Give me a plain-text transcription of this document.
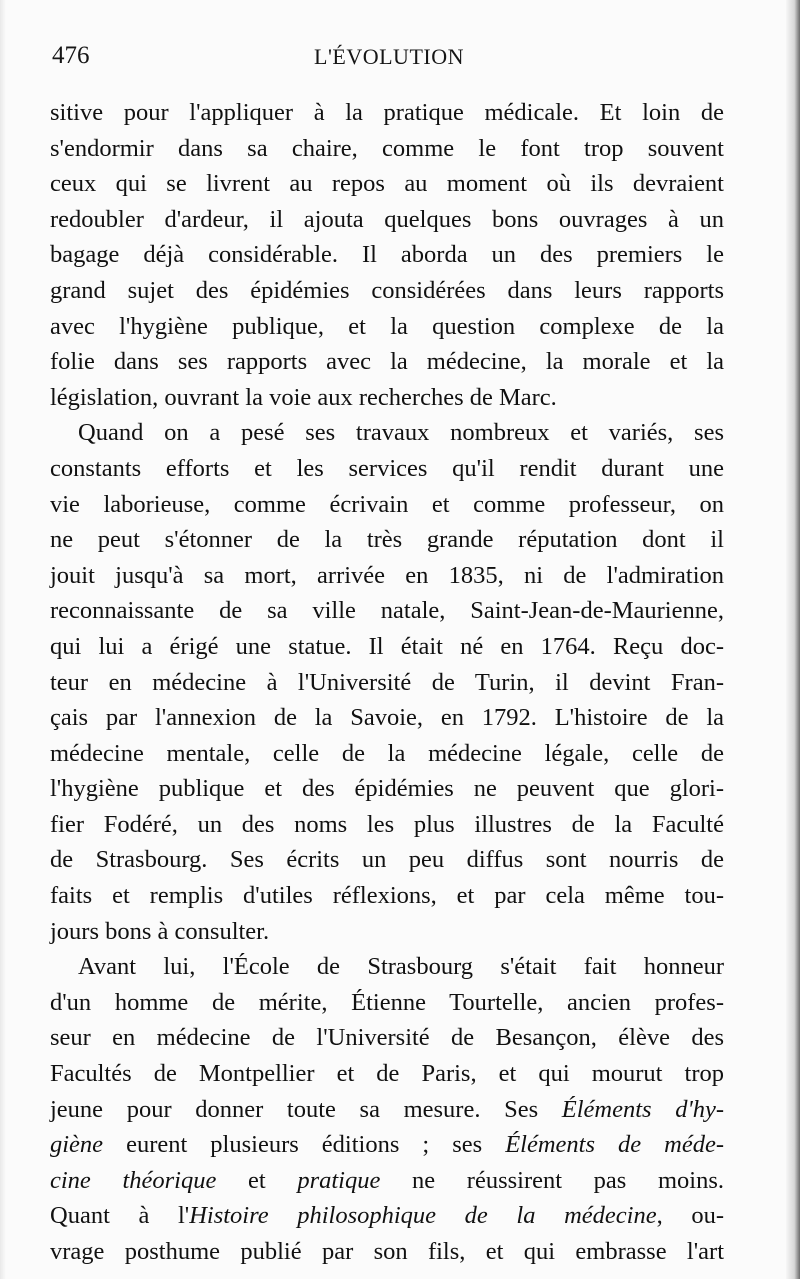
476	L'ÉVOLUTION
sitive pour l'appliquer à la pratique médicale. Et loin de
s'endormir dans sa chaire, comme le font trop souvent
ceux qui se livrent au repos au moment où ils devraient
redoubler d'ardeur, il ajouta quelques bons ouvrages à un
bagage déjà considérable. Il aborda un des premiers le
grand sujet des épidémies considérées dans leurs rapports
avec l'hygiène publique, et la question complexe de la
folie dans ses rapports avec la médecine, la morale et la
législation, ouvrant la voie aux recherches de Marc.
Quand on a pesé ses travaux nombreux et variés, ses
constants efforts et les services qu'il rendit durant une
vie laborieuse, comme écrivain et comme professeur, on
ne peut s'étonner de la très grande réputation dont il
jouit jusqu'à sa mort, arrivée en 1835, ni de l'admiration
reconnaissante de sa ville natale, Saint-Jean-de-Maurienne,
qui lui a érigé une statue. Il était né en 1764. Reçu doc-
teur en médecine à l'Université de Turin, il devint Fran-
çais par l'annexion de la Savoie, en 1792. L'histoire de la
médecine mentale, celle de la médecine légale, celle de
l'hygiène publique et des épidémies ne peuvent que glori-
fier Fodéré, un des noms les plus illustres de la Faculté
de Strasbourg. Ses écrits un peu diffus sont nourris de
faits et remplis d'utiles réflexions, et par cela même tou-
jours bons à consulter.
Avant lui, l'École de Strasbourg s'était fait honneur
d'un homme de mérite, Étienne Tourtelle, ancien profes-
seur en médecine de l'Université de Besançon, élève des
Facultés de Montpellier et de Paris, et qui mourut trop
jeune pour donner toute sa mesure. Ses Éléments d'hy-
giène eurent plusieurs éditions ; ses Éléments de méde-
cine théorique et pratique ne réussirent pas moins.
Quant à l'Histoire philosophique de la médecine, ou-
vrage posthume publié par son fils, et qui embrasse l'art
